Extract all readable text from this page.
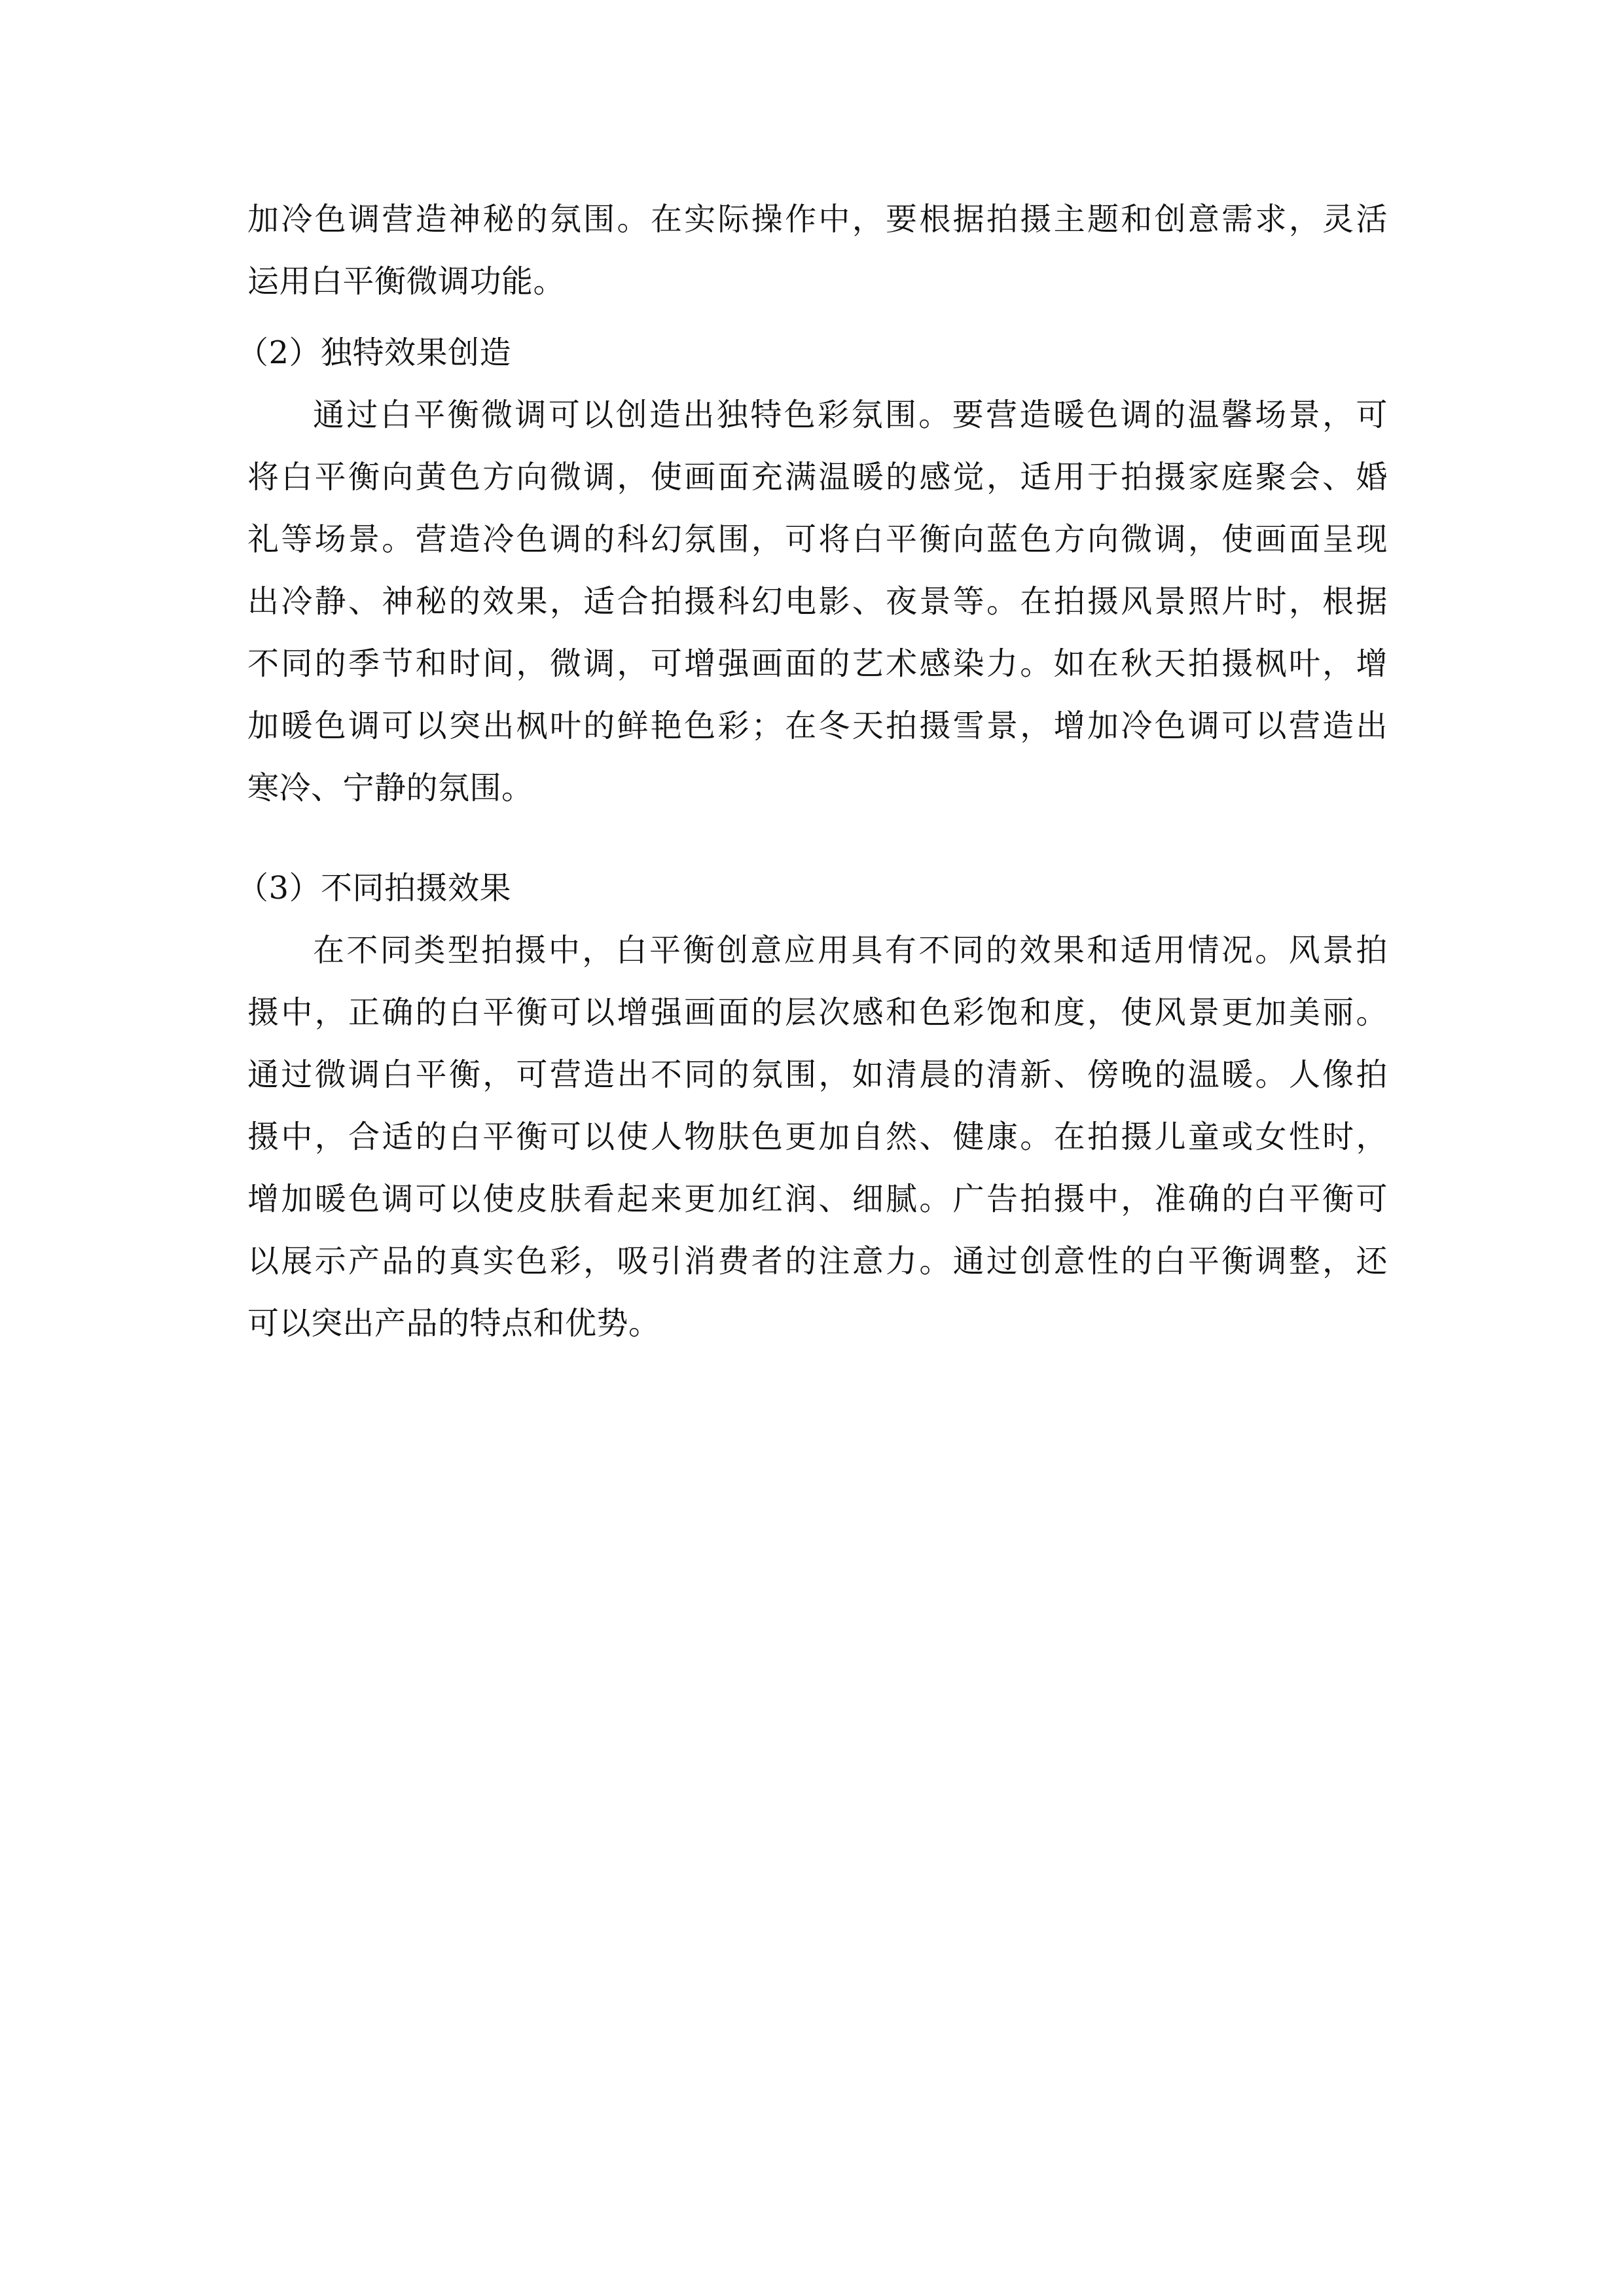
加冷色调营造神秘的氛围。在实际操作中，要根据拍摄主题和创意需求，灵活
运用白平衡微调功能。
（2）独特效果创造
通过白平衡微调可以创造出独特色彩氛围。要营造暖色调的温馨场景，可
将白平衡向黄色方向微调，使画面充满温暖的感觉，适用于拍摄家庭聚会、婚
礼等场景。营造冷色调的科幻氛围，可将白平衡向蓝色方向微调，使画面呈现
出冷静、神秘的效果，适合拍摄科幻电影、夜景等。在拍摄风景照片时，根据
不同的季节和时间，微调，可增强画面的艺术感染力。如在秋天拍摄枫叶，增
加暖色调可以突出枫叶的鲜艳色彩；在冬天拍摄雪景，增加冷色调可以营造出
寒冷、宁静的氛围。
（3）不同拍摄效果
在不同类型拍摄中，白平衡创意应用具有不同的效果和适用情况。风景拍
摄中，正确的白平衡可以增强画面的层次感和色彩饱和度，使风景更加美丽。
通过微调白平衡，可营造出不同的氛围，如清晨的清新、傍晚的温暖。人像拍
摄中，合适的白平衡可以使人物肤色更加自然、健康。在拍摄儿童或女性时，
增加暖色调可以使皮肤看起来更加红润、细腻。广告拍摄中，准确的白平衡可
以展示产品的真实色彩，吸引消费者的注意力。通过创意性的白平衡调整，还
可以突出产品的特点和优势。
